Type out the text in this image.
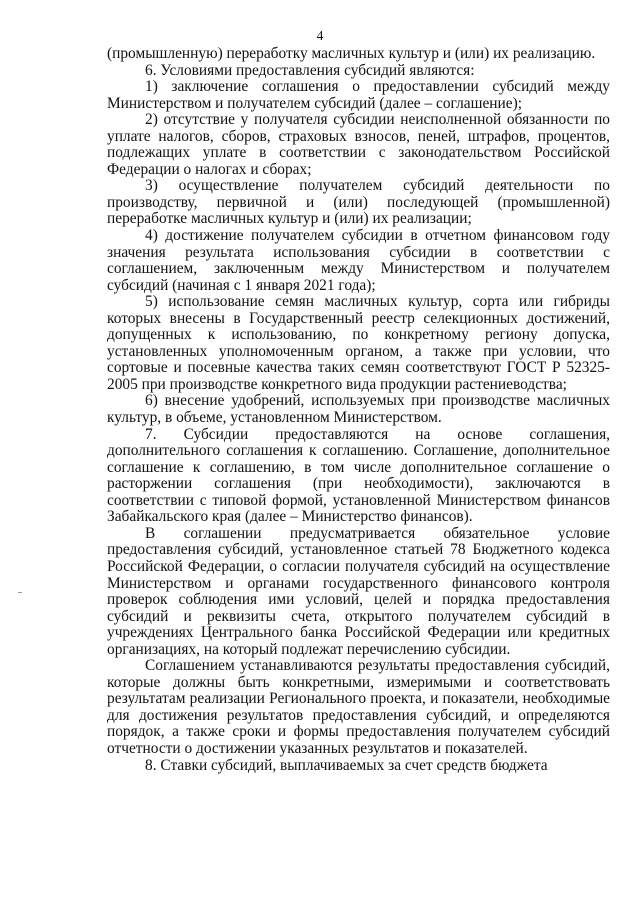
4

(промышленную) переработку масличных культур и (или) их реализацию.

6. Условиями предоставления субсидий являются:

1) заключение соглашения о предоставлении субсидий между Министерством и получателем субсидий (далее – соглашение);

2) отсутствие у получателя субсидии неисполненной обязанности по уплате налогов, сборов, страховых взносов, пеней, штрафов, процентов, подлежащих уплате в соответствии с законодательством Российской Федерации о налогах и сборах;

3) осуществление получателем субсидий деятельности по производству, первичной и (или) последующей (промышленной) переработке масличных культур и (или) их реализации;

4) достижение получателем субсидии в отчетном финансовом году значения результата использования субсидии в соответствии с соглашением, заключенным между Министерством и получателем субсидий (начиная с 1 января 2021 года);

5) использование семян масличных культур, сорта или гибриды которых внесены в Государственный реестр селекционных достижений, допущенных к использованию, по конкретному региону допуска, установленных уполномоченным органом, а также при условии, что сортовые и посевные качества таких семян соответствуют ГОСТ Р 52325-2005 при производстве конкретного вида продукции растениеводства;

6) внесение удобрений, используемых при производстве масличных культур, в объеме, установленном Министерством.

7. Субсидии предоставляются на основе соглашения, дополнительного соглашения к соглашению. Соглашение, дополнительное соглашение к соглашению, в том числе дополнительное соглашение о расторжении соглашения (при необходимости), заключаются в соответствии с типовой формой, установленной Министерством финансов Забайкальского края (далее – Министерство финансов).

В соглашении предусматривается обязательное условие предоставления субсидий, установленное статьей 78 Бюджетного кодекса Российской Федерации, о согласии получателя субсидий на осуществление Министерством и органами государственного финансового контроля проверок соблюдения ими условий, целей и порядка предоставления субсидий и реквизиты счета, открытого получателем субсидий в учреждениях Центрального банка Российской Федерации или кредитных организациях, на который подлежат перечислению субсидии.

Соглашением устанавливаются результаты предоставления субсидий, которые должны быть конкретными, измеримыми и соответствовать результатам реализации Регионального проекта, и показатели, необходимые для достижения результатов предоставления субсидий, и определяются порядок, а также сроки и формы предоставления получателем субсидий отчетности о достижении указанных результатов и показателей.

8. Ставки субсидий, выплачиваемых за счет средств бюджета
